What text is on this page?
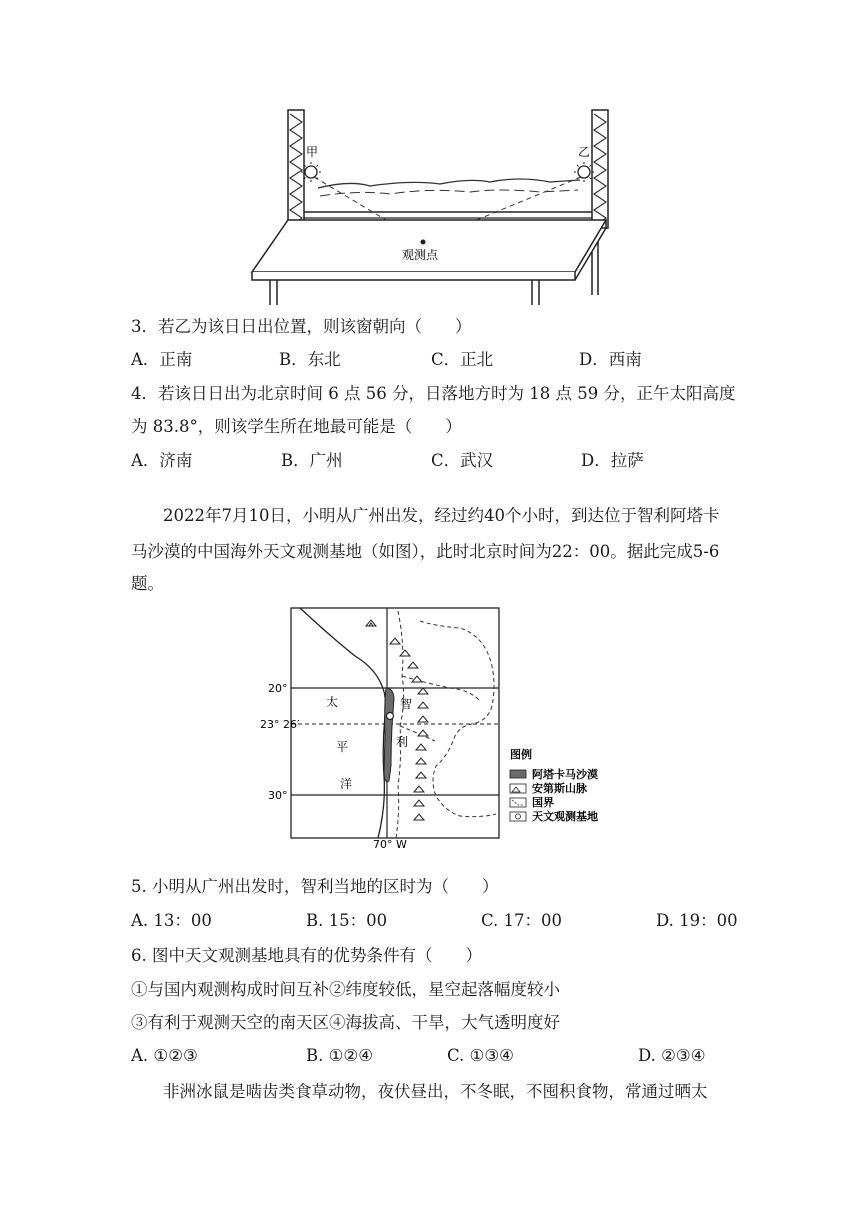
甲	乙
观测点
3．若乙为该日日出位置，则该窗朝向（　　）
A．正南	B．东北	C．正北	D．西南
4．若该日日出为北京时间 6 点 56 分，日落地方时为 18 点 59 分，正午太阳高度
为 83.8°，则该学生所在地最可能是（　　）
A．济南	B．广州	C．武汉	D．拉萨
2022年7月10日，小明从广州出发，经过约40个小时，到达位于智利阿塔卡
马沙漠的中国海外天文观测基地（如图），此时北京时间为22：00。据此完成5-6
题。
20°
23° 26′
30°
70° W
太
平
洋
智
利
图例
阿塔卡马沙漠
安第斯山脉
国界
天文观测基地
5. 小明从广州出发时，智利当地的区时为（　　）
A. 13：00	B. 15：00	C. 17：00	D. 19：00
6. 图中天文观测基地具有的优势条件有（　　）
①与国内观测构成时间互补②纬度较低，星空起落幅度较小
③有利于观测天空的南天区④海拔高、干旱，大气透明度好
A. ①②③	B. ①②④	C. ①③④	D. ②③④
非洲冰鼠是啮齿类食草动物，夜伏昼出，不冬眠，不囤积食物，常通过晒太
